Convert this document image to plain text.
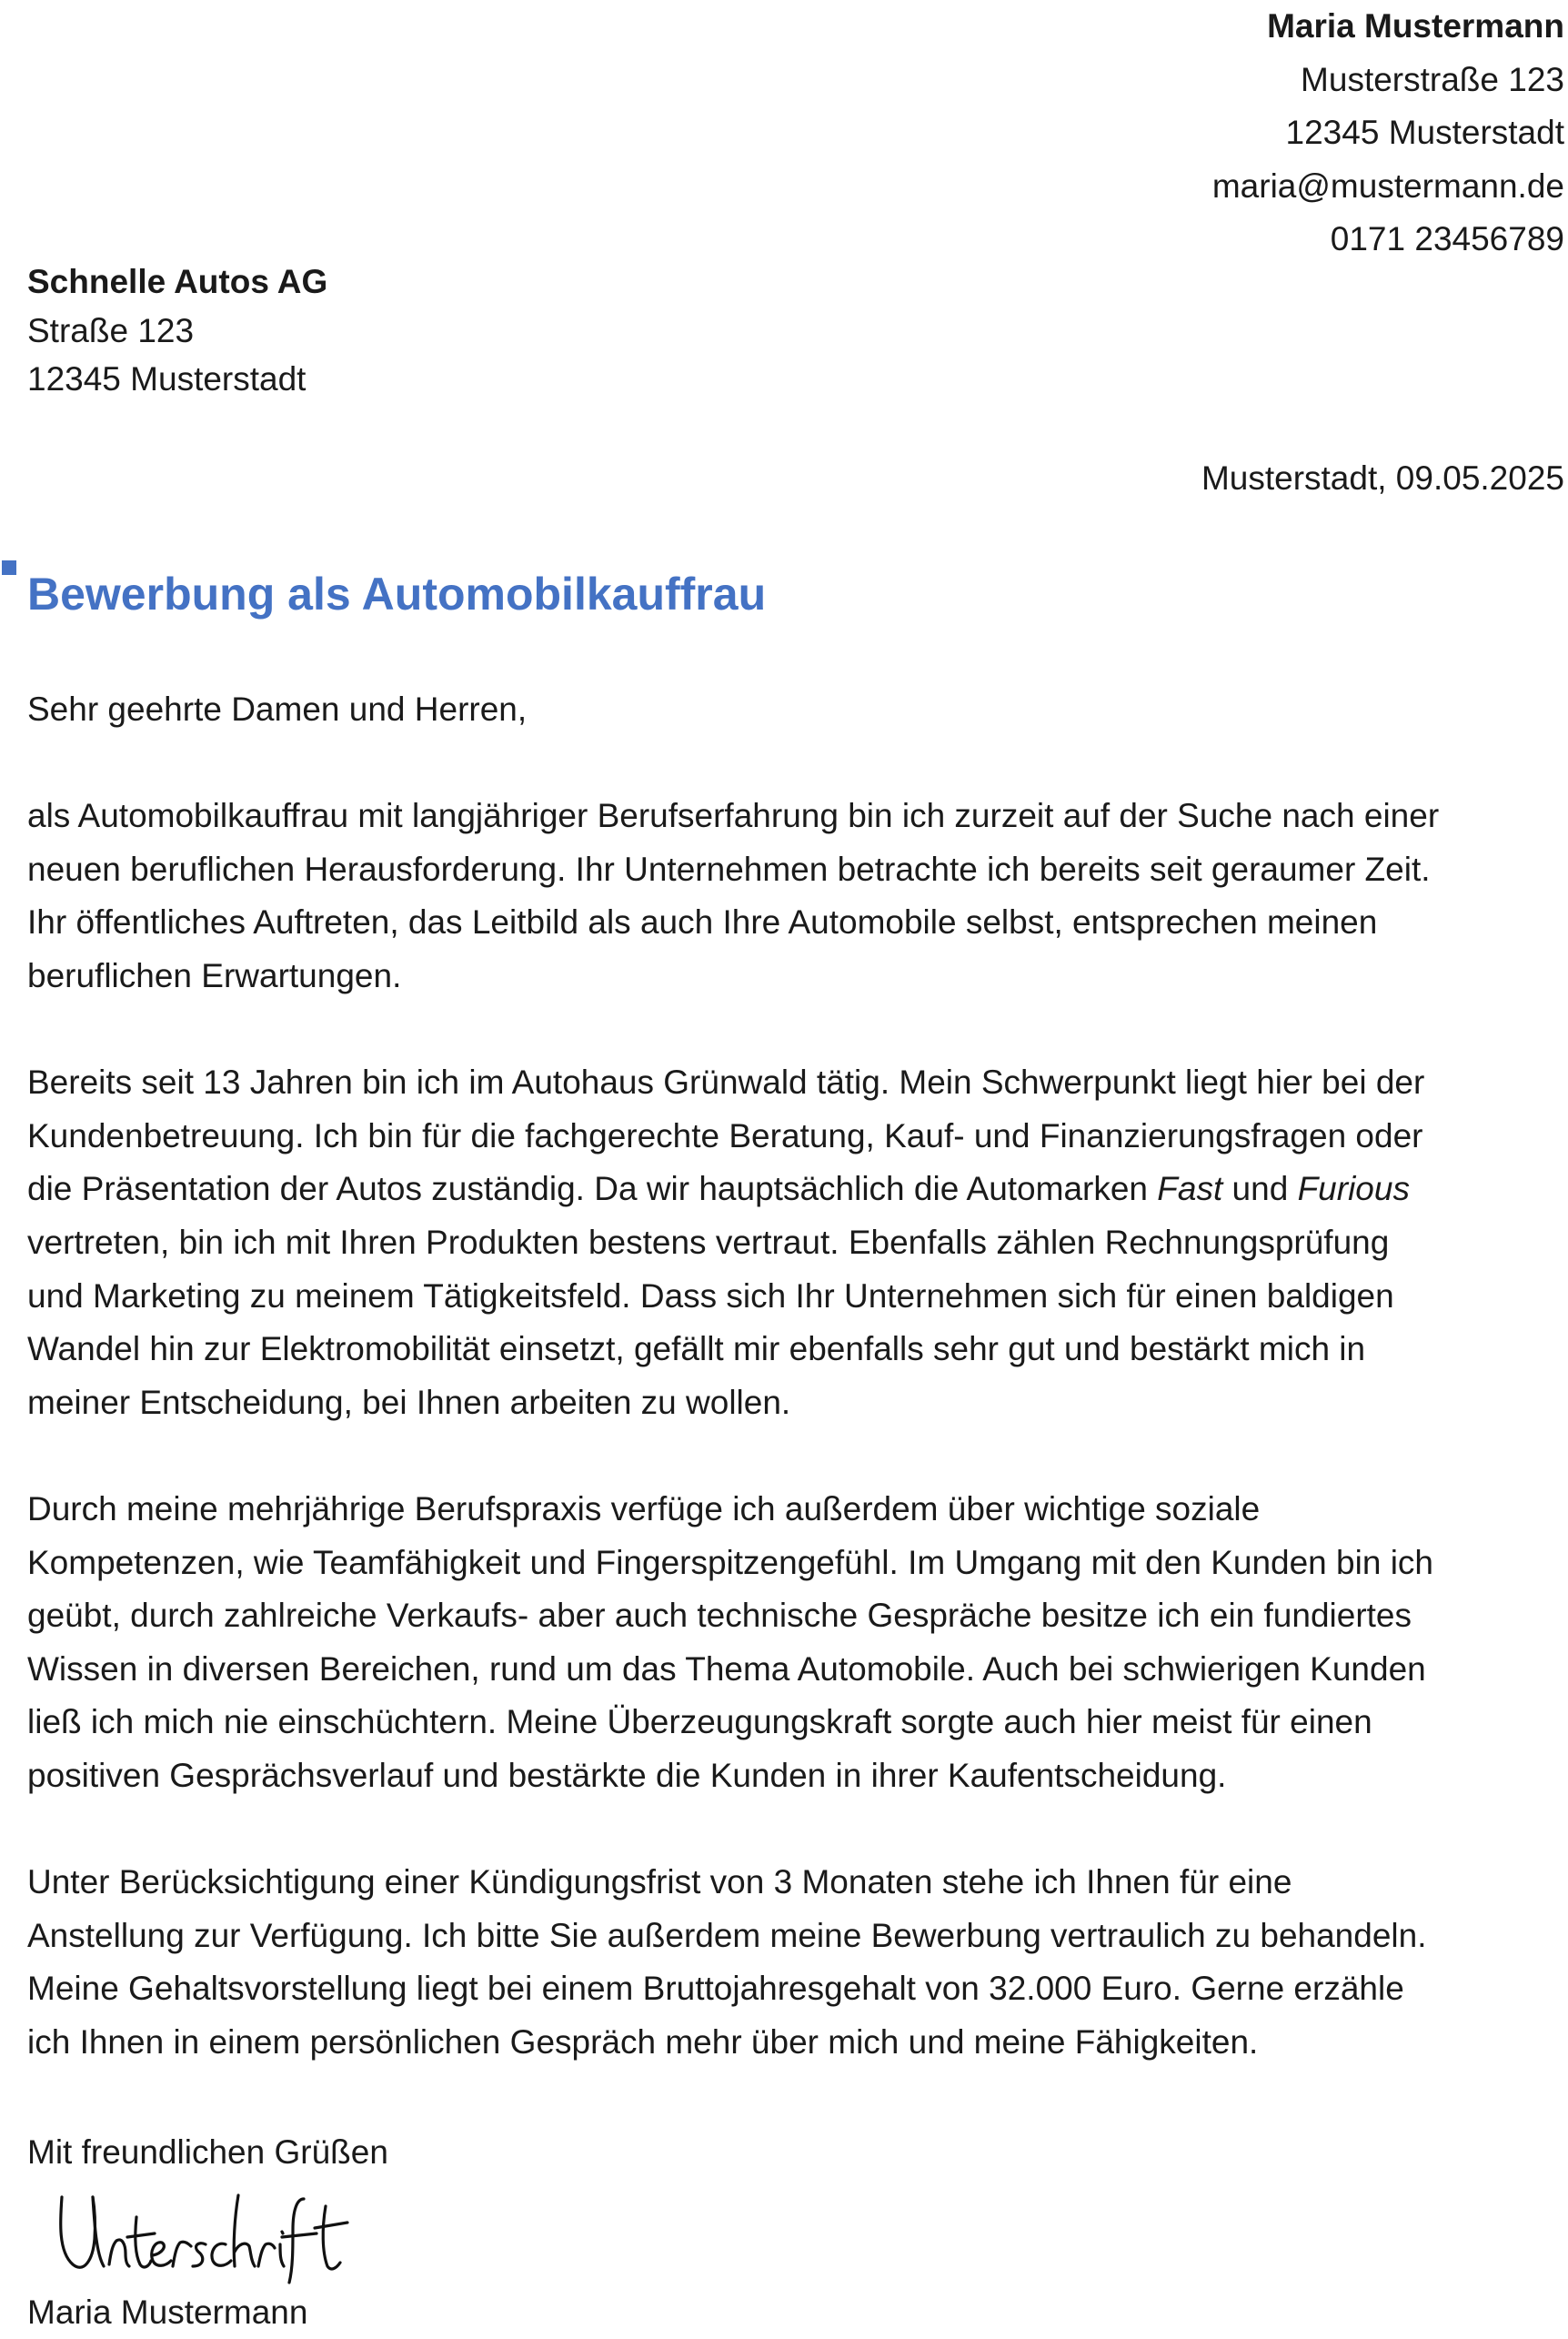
Maria Mustermann
Musterstraße 123
12345 Musterstadt
maria@mustermann.de
0171 23456789
Schnelle Autos AG
Straße 123
12345 Musterstadt
Musterstadt, 09.05.2025
Bewerbung als Automobilkauffrau

Sehr geehrte Damen und Herren,

als Automobilkauffrau mit langjähriger Berufserfahrung bin ich zurzeit auf der Suche nach einer
neuen beruflichen Herausforderung. Ihr Unternehmen betrachte ich bereits seit geraumer Zeit.
Ihr öffentliches Auftreten, das Leitbild als auch Ihre Automobile selbst, entsprechen meinen
beruflichen Erwartungen.

Bereits seit 13 Jahren bin ich im Autohaus Grünwald tätig. Mein Schwerpunkt liegt hier bei der
Kundenbetreuung. Ich bin für die fachgerechte Beratung, Kauf- und Finanzierungsfragen oder
die Präsentation der Autos zuständig. Da wir hauptsächlich die Automarken Fast und Furious
vertreten, bin ich mit Ihren Produkten bestens vertraut. Ebenfalls zählen Rechnungsprüfung
und Marketing zu meinem Tätigkeitsfeld. Dass sich Ihr Unternehmen sich für einen baldigen
Wandel hin zur Elektromobilität einsetzt, gefällt mir ebenfalls sehr gut und bestärkt mich in
meiner Entscheidung, bei Ihnen arbeiten zu wollen.

Durch meine mehrjährige Berufspraxis verfüge ich außerdem über wichtige soziale
Kompetenzen, wie Teamfähigkeit und Fingerspitzengefühl. Im Umgang mit den Kunden bin ich
geübt, durch zahlreiche Verkaufs- aber auch technische Gespräche besitze ich ein fundiertes
Wissen in diversen Bereichen, rund um das Thema Automobile. Auch bei schwierigen Kunden
ließ ich mich nie einschüchtern. Meine Überzeugungskraft sorgte auch hier meist für einen
positiven Gesprächsverlauf und bestärkte die Kunden in ihrer Kaufentscheidung.

Unter Berücksichtigung einer Kündigungsfrist von 3 Monaten stehe ich Ihnen für eine
Anstellung zur Verfügung. Ich bitte Sie außerdem meine Bewerbung vertraulich zu behandeln.
Meine Gehaltsvorstellung liegt bei einem Bruttojahresgehalt von 32.000 Euro. Gerne erzähle
ich Ihnen in einem persönlichen Gespräch mehr über mich und meine Fähigkeiten.

Mit freundlichen Grüßen
Maria Mustermann
